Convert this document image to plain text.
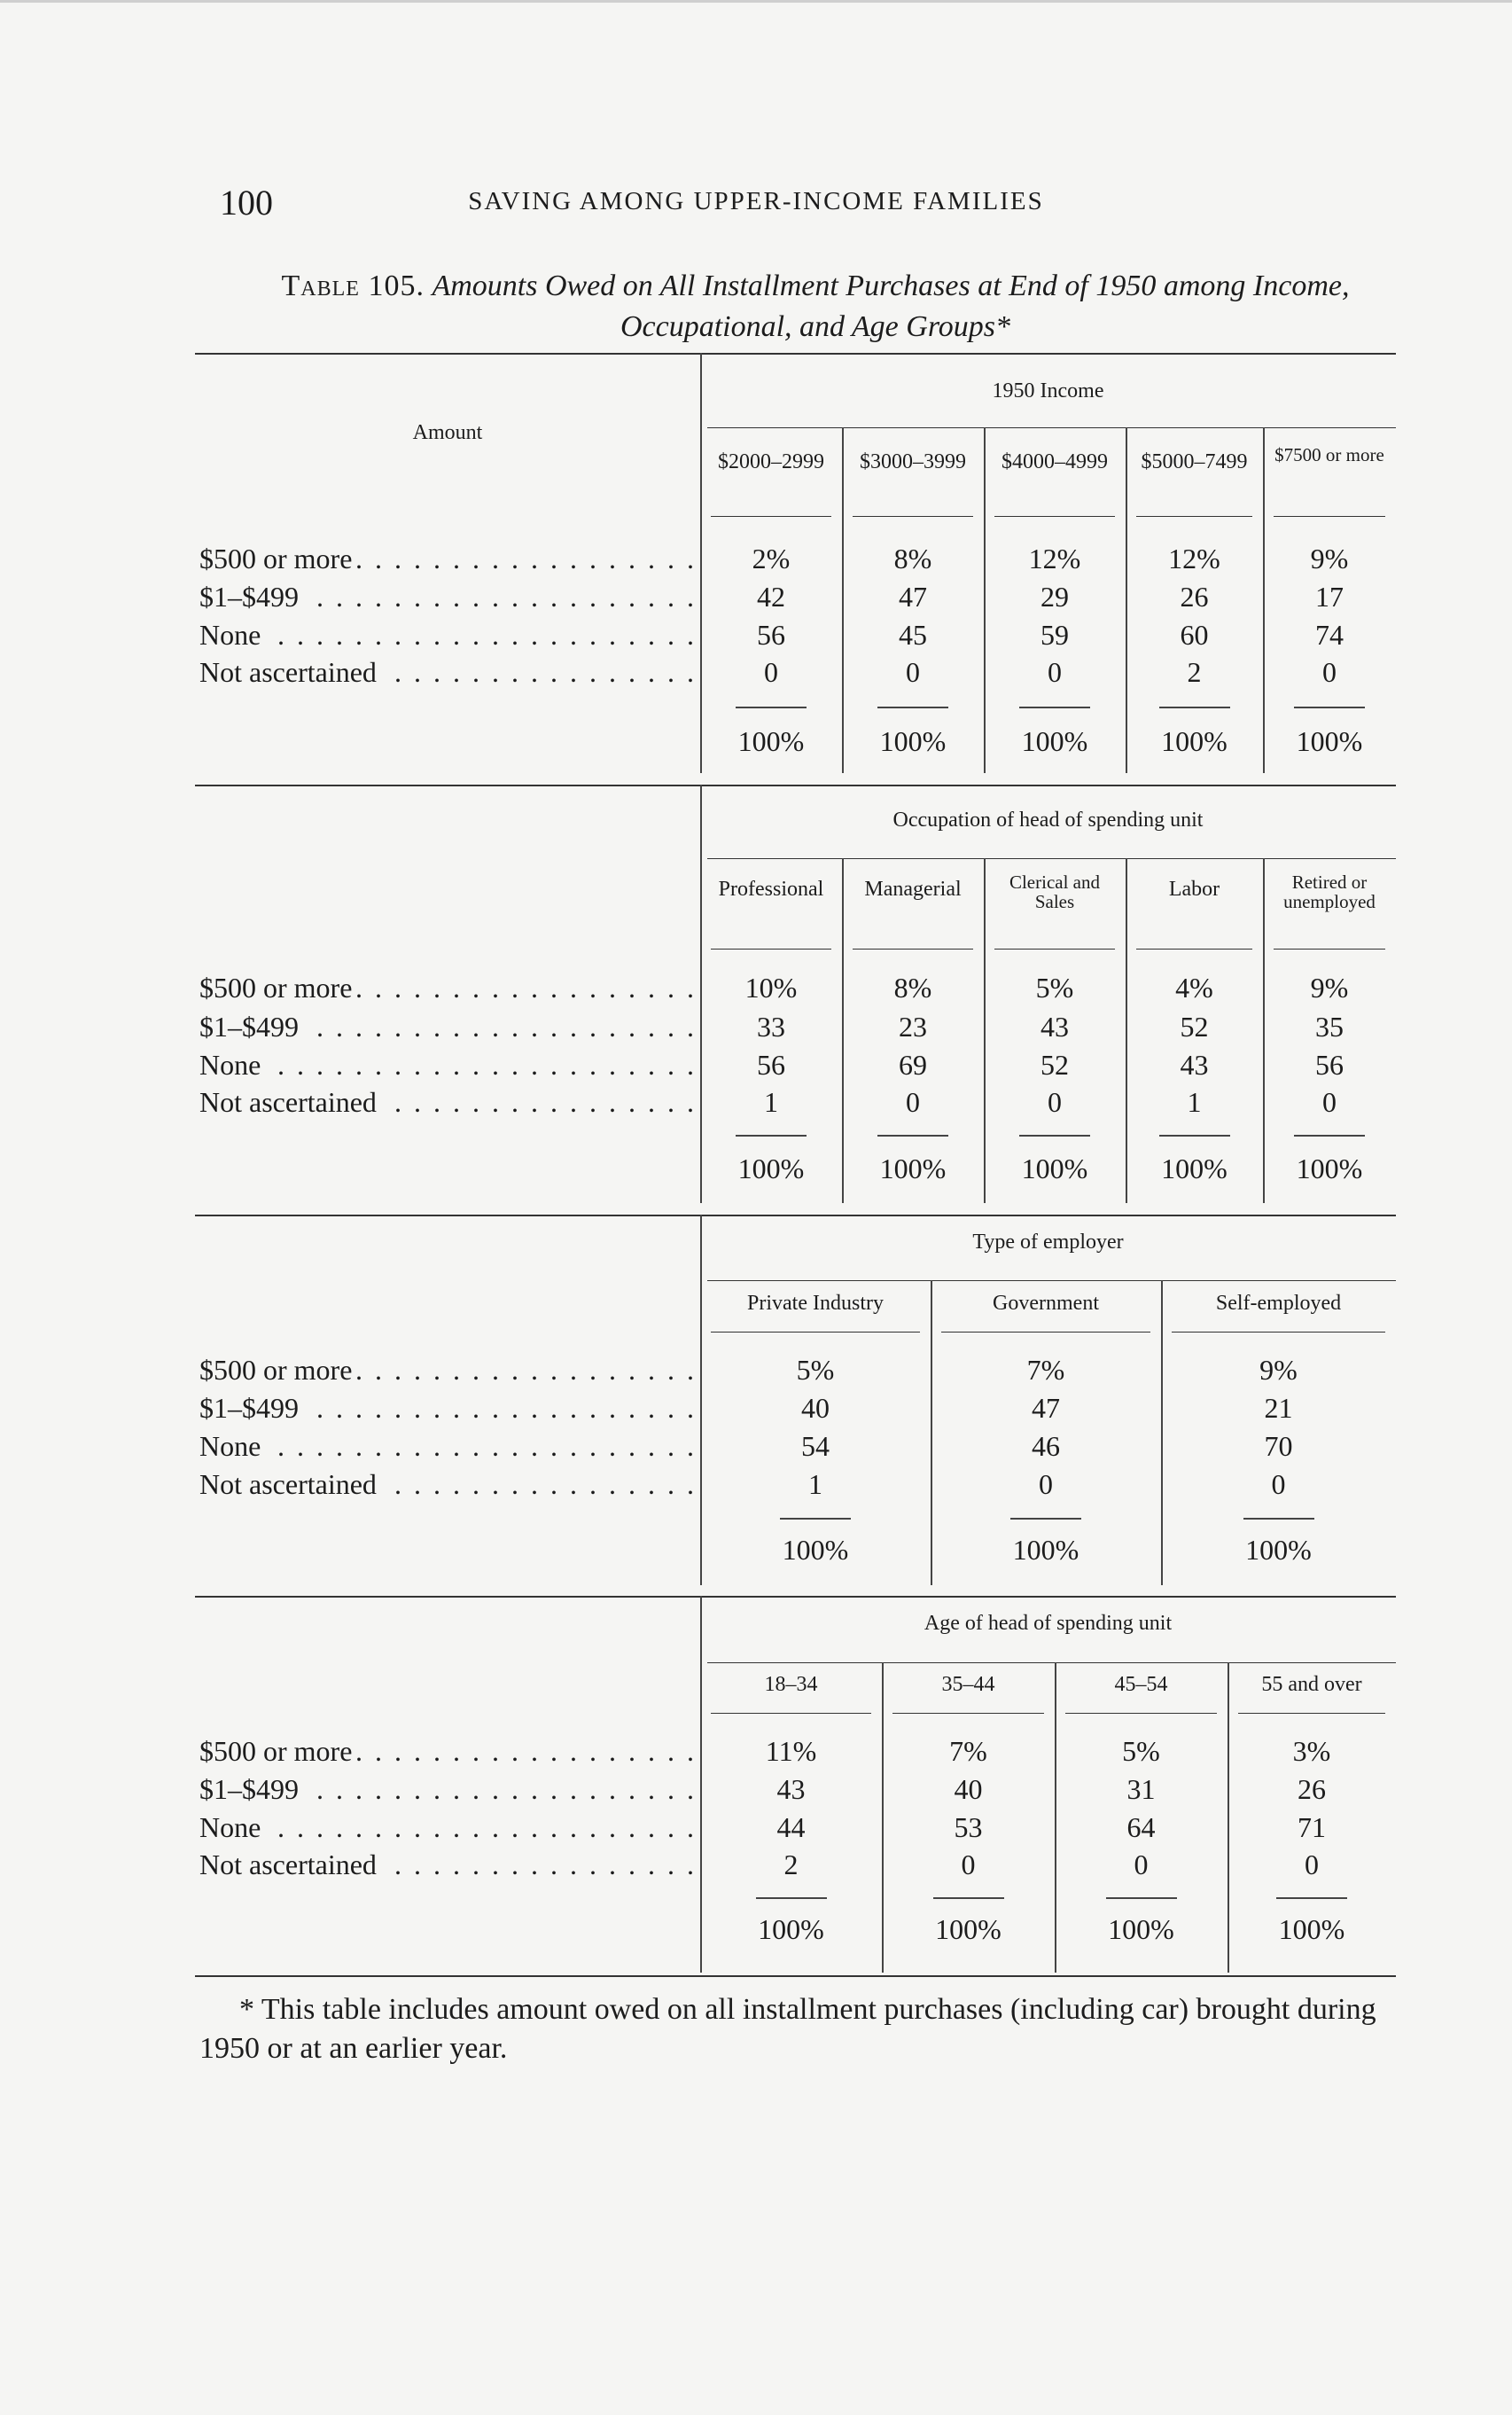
100	SAVING AMONG UPPER-INCOME FAMILIES
Table 105. Amounts Owed on All Installment Purchases at End of 1950 among Income, Occupational, and Age Groups*
Amount
1950 Income
$2000–2999
2%
42
56
0
100%
$3000–3999
8%
47
45
0
100%
$4000–4999
12%
29
59
0
100%
$5000–7499
12%
26
60
2
100%
$7500 or more
9%
17
74
0
100%
$500 or more . . .
$1–$499 . . .
None . . .
Not ascertained . . .
Occupation of head of spending unit
Professional
10%
33
56
1
100%
Managerial
8%
23
69
0
100%
Clerical and Sales
5%
43
52
0
100%
Labor
4%
52
43
1
100%
Retired or unemployed
9%
35
56
0
100%
$500 or more . . .
$1–$499 . . .
None . . .
Not ascertained . . .
Type of employer
Private Industry
5%
40
54
1
100%
Government
7%
47
46
0
100%
Self-employed
9%
21
70
0
100%
$500 or more . . .
$1–$499 . . .
None . . .
Not ascertained . . .
Age of head of spending unit
18–34
11%
43
44
2
100%
35–44
7%
40
53
0
100%
45–54
5%
31
64
0
100%
55 and over
3%
26
71
0
100%
$500 or more . . .
$1–$499 . . .
None . . .
Not ascertained . . .
* This table includes amount owed on all installment purchases (including car) brought during 1950 or at an earlier year.
